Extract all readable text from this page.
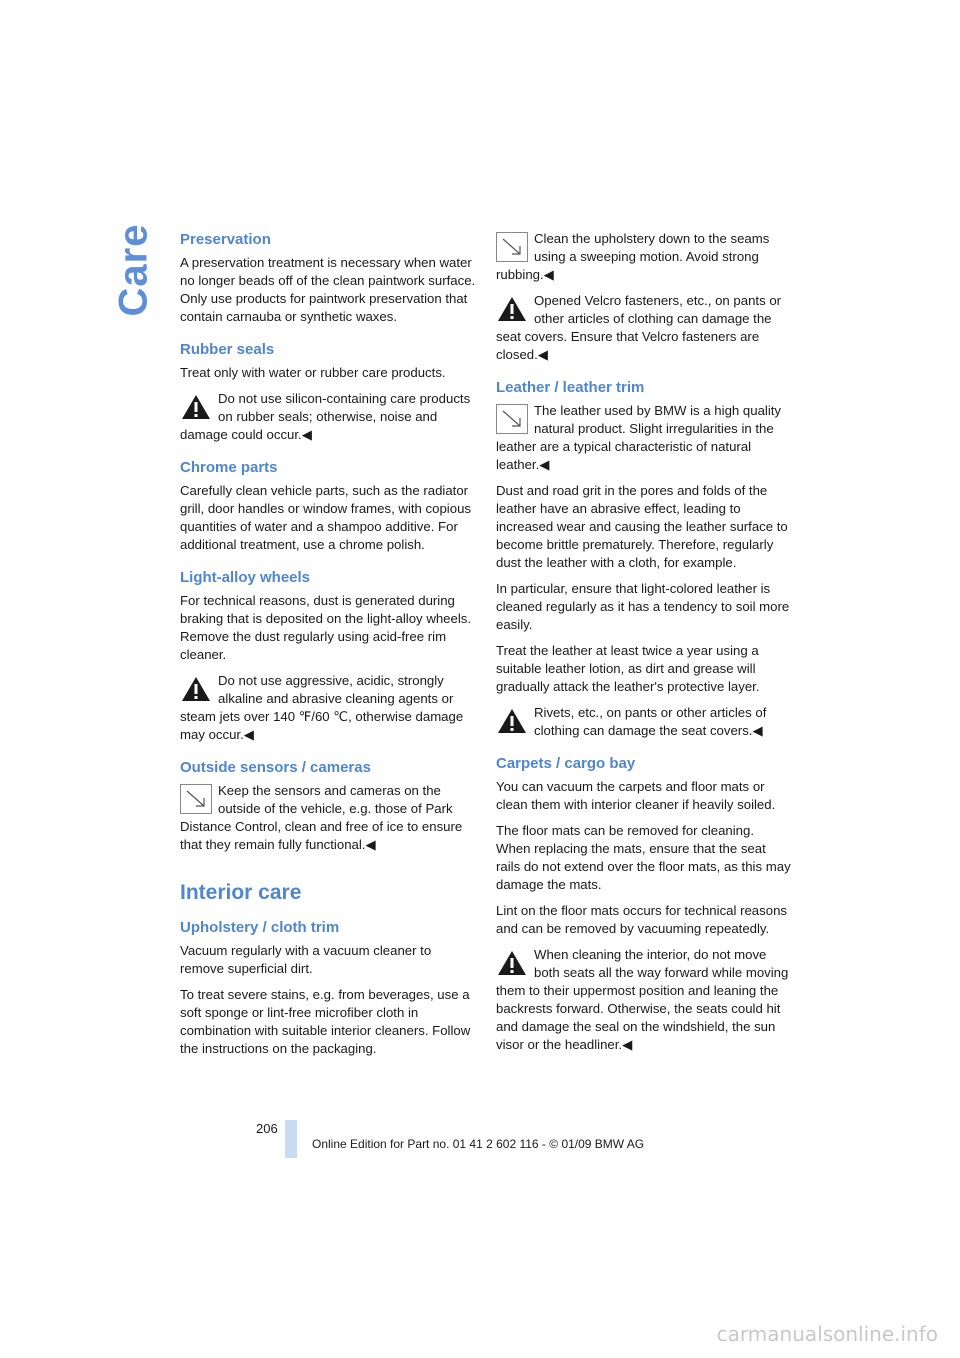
Care Preservation

A preservation treatment is necessary when water no longer beads off of the clean paintwork surface. Only use products for paintwork preservation that contain carnauba or synthetic waxes.

Rubber seals

Treat only with water or rubber care products.

Do not use silicon-containing care products on rubber seals; otherwise, noise and damage could occur.◀
Chrome parts

Carefully clean vehicle parts, such as the radiator grill, door handles or window frames, with copious quantities of water and a shampoo additive. For additional treatment, use a chrome polish.

Light-alloy wheels

For technical reasons, dust is generated during braking that is deposited on the light-alloy wheels. Remove the dust regularly using acid-free rim cleaner.

Do not use aggressive, acidic, strongly alkaline and abrasive cleaning agents or steam jets over 140 ℉/60 ℃, otherwise damage may occur.◀
Outside sensors / cameras
Keep the sensors and cameras on the outside of the vehicle, e.g. those of Park Distance Control, clean and free of ice to ensure that they remain fully functional.◀
Interior care
Upholstery / cloth trim

Vacuum regularly with a vacuum cleaner to remove superficial dirt.

To treat severe stains, e.g. from beverages, use a soft sponge or lint-free microfiber cloth in combination with suitable interior cleaners. Follow the instructions on the packaging.

Clean the upholstery down to the seams using a sweeping motion. Avoid strong rubbing.◀
Opened Velcro fasteners, etc., on pants or other articles of clothing can damage the seat covers. Ensure that Velcro fasteners are closed.◀
Leather / leather trim
The leather used by BMW is a high quality natural product. Slight irregularities in the leather are a typical characteristic of natural leather.◀

Dust and road grit in the pores and folds of the leather have an abrasive effect, leading to increased wear and causing the leather surface to become brittle prematurely. Therefore, regularly dust the leather with a cloth, for example.

In particular, ensure that light-colored leather is cleaned regularly as it has a tendency to soil more easily.

Treat the leather at least twice a year using a suitable leather lotion, as dirt and grease will gradually attack the leather's protective layer.

Rivets, etc., on pants or other articles of clothing can damage the seat covers.◀
Carpets / cargo bay

You can vacuum the carpets and floor mats or clean them with interior cleaner if heavily soiled.

The floor mats can be removed for cleaning. When replacing the mats, ensure that the seat rails do not extend over the floor mats, as this may damage the mats.

Lint on the floor mats occurs for technical reasons and can be removed by vacuuming repeatedly.

When cleaning the interior, do not move both seats all the way forward while moving them to their uppermost position and leaning the backrests forward. Otherwise, the seats could hit and damage the seal on the windshield, the sun visor or the headliner.◀
206
Online Edition for Part no. 01 41 2 602 116 - © 01/09 BMW AG
carmanualsonline.info
